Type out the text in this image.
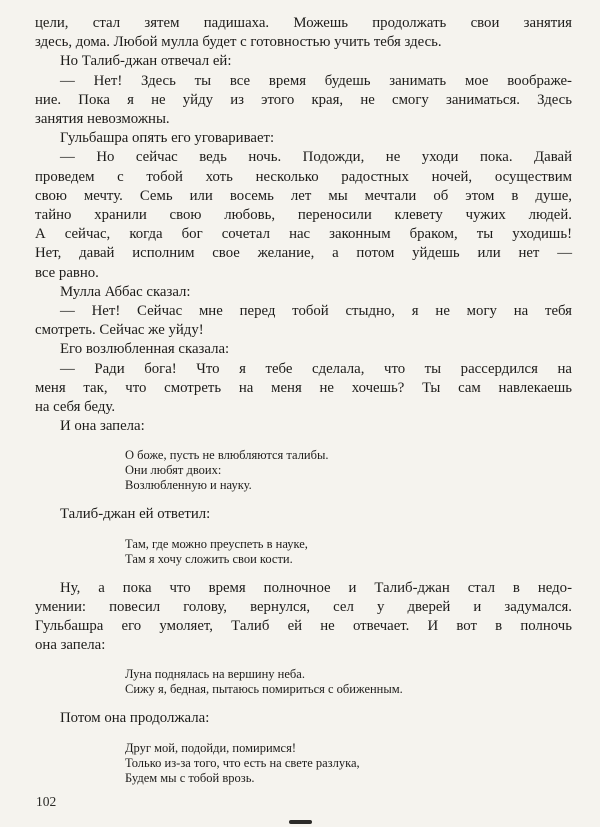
цели, стал зятем падишаха. Можешь продолжать свои занятия
здесь, дома. Любой мулла будет с готовностью учить тебя здесь.
Но Талиб-джан отвечал ей:
— Нет! Здесь ты все время будешь занимать мое воображе-
ние. Пока я не уйду из этого края, не смогу заниматься. Здесь
занятия невозможны.
Гульбашра опять его уговаривает:
— Но сейчас ведь ночь. Подожди, не уходи пока. Давай
проведем с тобой хоть несколько радостных ночей, осуществим
свою мечту. Семь или восемь лет мы мечтали об этом в душе,
тайно хранили свою любовь, переносили клевету чужих людей.
А сейчас, когда бог сочетал нас законным браком, ты уходишь!
Нет, давай исполним свое желание, а потом уйдешь или нет —
все равно.
Мулла Аббас сказал:
— Нет! Сейчас мне перед тобой стыдно, я не могу на тебя
смотреть. Сейчас же уйду!
Его возлюбленная сказала:
— Ради бога! Что я тебе сделала, что ты рассердился на
меня так, что смотреть на меня не хочешь? Ты сам навлекаешь
на себя беду.
И она запела:
О боже, пусть не влюбляются талибы.
Они любят двоих:
Возлюбленную и науку.
Талиб-джан ей ответил:
Там, где можно преуспеть в науке,
Там я хочу сложить свои кости.
Ну, а пока что время полночное и Талиб-джан стал в недо-
умении: повесил голову, вернулся, сел у дверей и задумался.
Гульбашра его умоляет, Талиб ей не отвечает. И вот в полночь
она запела:
Луна поднялась на вершину неба.
Сижу я, бедная, пытаюсь помириться с обиженным.
Потом она продолжала:
Друг мой, подойди, помиримся!
Только из-за того, что есть на свете разлука,
Будем мы с тобой врозь.
102
